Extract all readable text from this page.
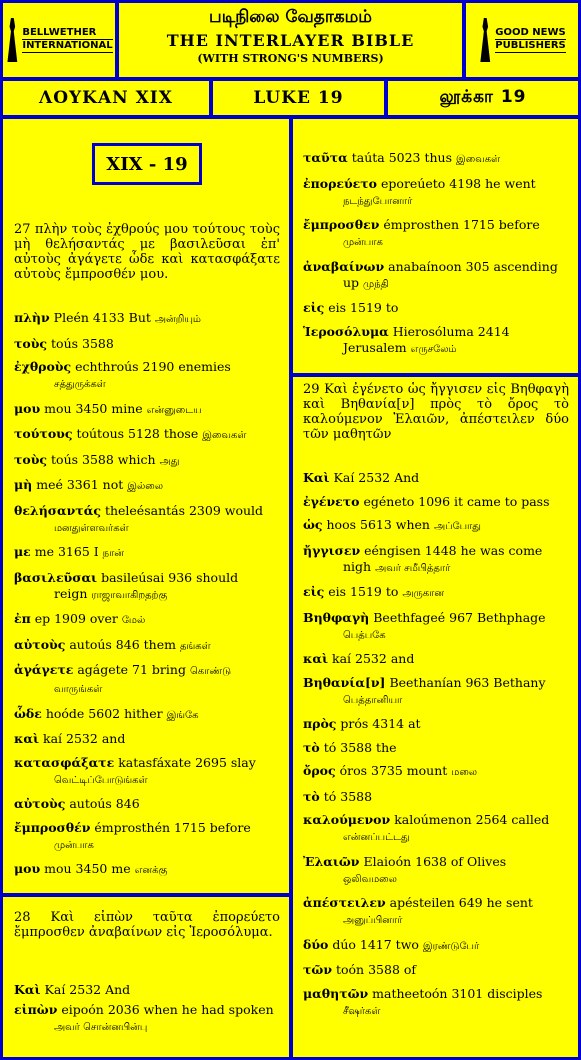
BELLWETHER
INTERNATIONAL
படிநிலை வேதாகமம்
THE INTERLAYER BIBLE
(WITH STRONG'S NUMBERS)
GOOD NEWS
PUBLISHERS
ΛΟΥΚΑΝ XIX	LUKE 19	லூக்கா 19
XIX - 19
27 πλὴν τοὺς ἐχθρούς μου τούτους τοὺς μὴ θελήσαντάς με βασιλεῦσαι ἐπ' αὐτοὺς ἀγάγετε ὧδε καὶ κατασφάξατε αὐτοὺς ἔμπροσθέν μου.

πλὴν Pleén 4133 But அன்றியும்

τοὺς toús 3588

ἐχθροὺς echthroús 2190 enemies
சத்துருக்கள்

μου mou 3450 mine என்னுடைய

τούτους toútous 5128 those இவைகள்

τοὺς toús 3588 which அது

μὴ meé 3361 not இல்லை

θελήσαντάς theleésantás 2309 would
மனதுள்ளவர்கள்

με me 3165 I நான்

βασιλεῦσαι basileúsai 936 should
reign ராஜாவாகிறதற்கு

ἐπ ep 1909 over மேல்

αὐτοὺς autoús 846 them தங்கள்

ἀγάγετε agágete 71 bring கொண்டு
வாருங்கள்

ὧδε hoóde 5602 hither இங்கே

καὶ kaí 2532 and

κατασφάξατε katasfáxate 2695 slay
வெட்டிப்போடுங்கள்

αὐτοὺς autoús 846

ἔμπροσθέν émprosthén 1715 before
முன்பாக

μου mou 3450 me எனக்கு

28 Καὶ εἰπὼν ταῦτα ἐπορεύετο ἔμπροσθεν ἀναβαίνων εἰς Ἱεροσόλυμα.

Καὶ Kaí 2532 And

εἰπὼν eipoón 2036 when he had spoken
அவர் சொன்னபின்பு

ταῦτα taúta 5023 thus இவைகள்

ἐπορεύετο eporeúeto 4198 he went
நடந்துபோனார்

ἔμπροσθεν émprosthen 1715 before
முன்பாக

ἀναβαίνων anabaínoon 305 ascending
up முந்தி

εἰς eis 1519 to

Ἱεροσόλυμα Hierosóluma 2414
Jerusalem எருசலேம்

29 Καὶ ἐγένετο ὡς ἤγγισεν εἰς Βηθφαγὴ καὶ Βηθανία[ν] πρὸς τὸ ὄρος τὸ καλούμενον Ἐλαιῶν, ἀπέστειλεν δύο τῶν μαθητῶν

Καὶ Kaí 2532 And

ἐγένετο egéneto 1096 it came to pass

ὡς hoos 5613 when அப்போது

ἤγγισεν eéngisen 1448 he was come
nigh அவர் சமீபித்தார்

εἰς eis 1519 to அருகான

Βηθφαγὴ Beethfageé 967 Bethphage
பெத்பகே

καὶ kaí 2532 and

Βηθανία[ν] Beethanían 963 Bethany
பெத்தானியா

πρὸς prós 4314 at

τὸ tó 3588 the

ὄρος óros 3735 mount மலை

τὸ tó 3588

καλούμενον kaloúmenon 2564 called
என்னப்பட்டது

Ἐλαιῶν Elaioón 1638 of Olives
ஒலிவமலை

ἀπέστειλεν apésteilen 649 he sent
அனுப்பினார்

δύο dúo 1417 two இரண்டுபேர்

τῶν toón 3588 of

μαθητῶν matheetoón 3101 disciples
சீஷர்கள்
